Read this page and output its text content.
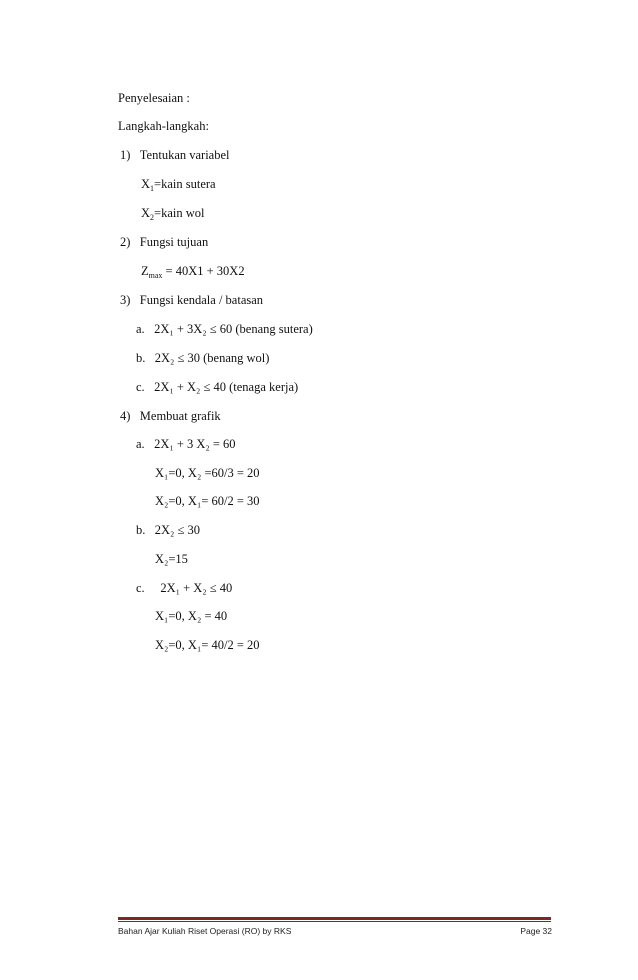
Penyelesaian :
Langkah-langkah:
1) Tentukan variabel
$X_1=kain$ sutera
$X_2=kain$ wol
2) Fungsi tujuan
$Z_{max} = 40X1 + 30X2$
3) Fungsi kendala / batasan
a. 2X₁ + 3X₂ ≤ 60 (benang sutera)
b. 2X₂ ≤ 30 (benang wol)
c. 2X₁ + X₂ ≤ 40 (tenaga kerja)
4) Membuat grafik
a. 2X₁ + 3 X₂ = 60
X₁=0, X₂ =60/3 = 20
X₂=0, X₁= 60/2 = 30
b. 2X₂ ≤ 30
X₂=15
c. 2X₁ + X₂ ≤ 40
X₁=0, X₂ = 40
X₂=0, X₁= 40/2 = 20
Bahan Ajar Kuliah Riset Operasi (RO) by RKS	Page 32
